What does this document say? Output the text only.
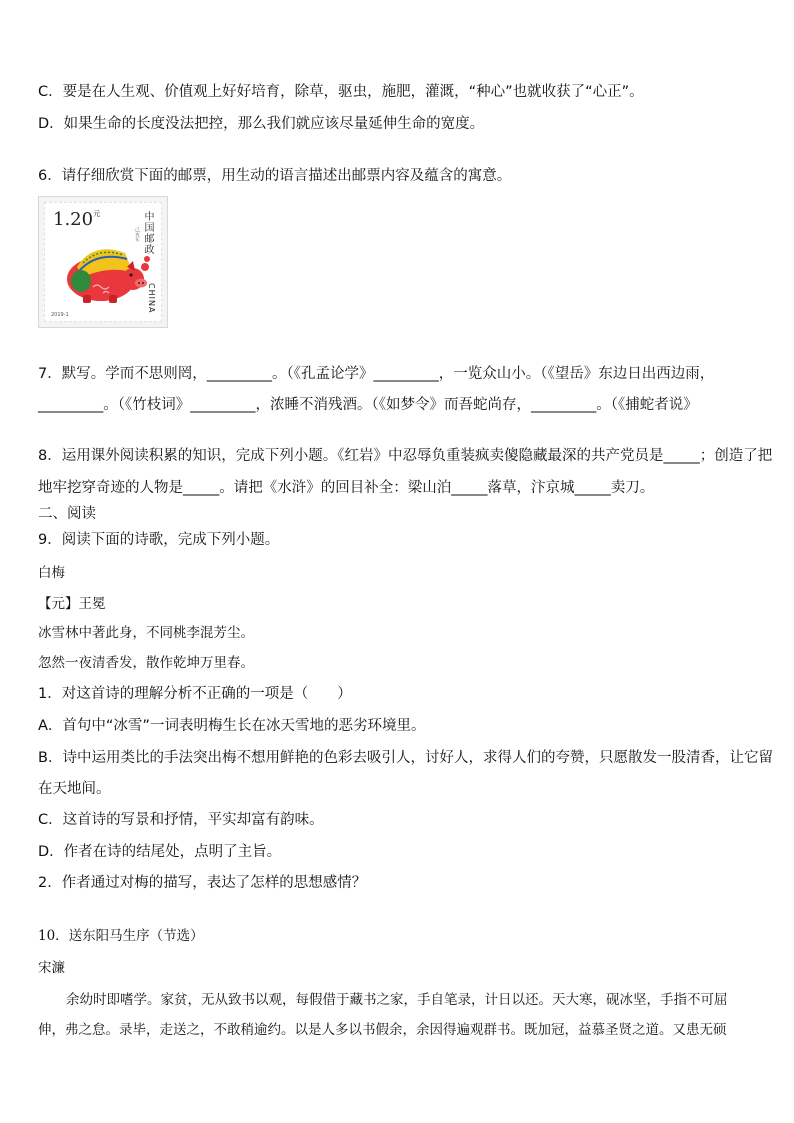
C．要是在人生观、价值观上好好培育，除草，驱虫，施肥，灌溉，“种心”也就收获了“心正”。
D．如果生命的长度没法把控，那么我们就应该尽量延伸生命的宽度。
6．请仔细欣赏下面的邮票，用生动的语言描述出邮票内容及蕴含的寓意。
$1.20^元$	中国邮政
CHINA
2019-1
己亥年
7．默写。学而不思则罔，_________。（《孔孟论学》_________，一览众山小。（《望岳》东边日出西边雨，
_________。（《竹枝词》_________，浓睡不消残酒。（《如梦令》而吾蛇尚存，_________。（《捕蛇者说》
8．运用课外阅读积累的知识，完成下列小题。《红岩》中忍辱负重装疯卖傻隐藏最深的共产党员是_____；创造了把
地牢挖穿奇迹的人物是_____。请把《水浒》的回目补全：梁山泊_____落草，汴京城_____卖刀。
二、阅读
9．阅读下面的诗歌，完成下列小题。
白梅
【元】王冕
冰雪林中著此身，不同桃李混芳尘。
忽然一夜清香发，散作乾坤万里春。
1．对这首诗的理解分析不正确的一项是（　　）
A．首句中“冰雪”一词表明梅生长在冰天雪地的恶劣环境里。
B．诗中运用类比的手法突出梅不想用鲜艳的色彩去吸引人，讨好人，求得人们的夸赞，只愿散发一股清香，让它留
在天地间。
C．这首诗的写景和抒情，平实却富有韵味。
D．作者在诗的结尾处，点明了主旨。
2．作者通过对梅的描写，表达了怎样的思想感情？
10．送东阳马生序（节选）
宋濂
余幼时即嗜学。家贫，无从致书以观，每假借于藏书之家，手自笔录，计日以还。天大寒，砚冰坚，手指不可屈
伸，弗之怠。录毕，走送之，不敢稍逾约。以是人多以书假余，余因得遍观群书。既加冠，益慕圣贤之道。又患无硕
